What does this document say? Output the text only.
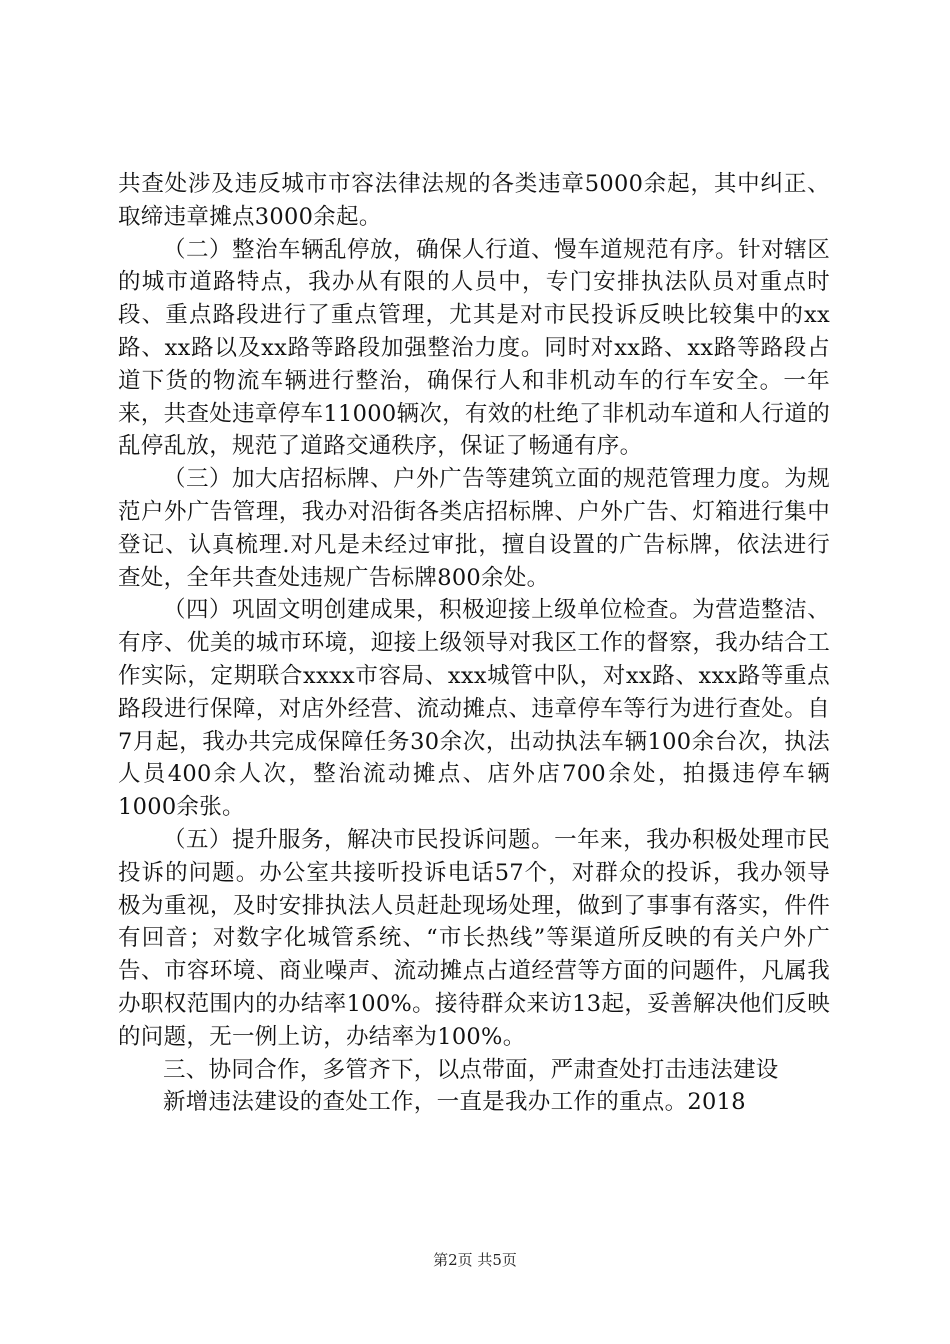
共查处涉及违反城市市容法律法规的各类违章5000余起，其中纠正、取缔违章摊点3000余起。

（二）整治车辆乱停放，确保人行道、慢车道规范有序。针对辖区的城市道路特点，我办从有限的人员中，专门安排执法队员对重点时段、重点路段进行了重点管理，尤其是对市民投诉反映比较集中的xx路、xx路以及xx路等路段加强整治力度。同时对xx路、xx路等路段占道下货的物流车辆进行整治，确保行人和非机动车的行车安全。一年来，共查处违章停车11000辆次，有效的杜绝了非机动车道和人行道的乱停乱放，规范了道路交通秩序，保证了畅通有序。

（三）加大店招标牌、户外广告等建筑立面的规范管理力度。为规范户外广告管理，我办对沿街各类店招标牌、户外广告、灯箱进行集中登记、认真梳理.对凡是未经过审批，擅自设置的广告标牌，依法进行查处，全年共查处违规广告标牌800余处。

（四）巩固文明创建成果，积极迎接上级单位检查。为营造整洁、有序、优美的城市环境，迎接上级领导对我区工作的督察，我办结合工作实际，定期联合xxxx市容局、xxx城管中队，对xx路、xxx路等重点路段进行保障，对店外经营、流动摊点、违章停车等行为进行查处。自7月起，我办共完成保障任务30余次，出动执法车辆100余台次，执法人员400余人次，整治流动摊点、店外店700余处，拍摄违停车辆1000余张。

（五）提升服务，解决市民投诉问题。一年来，我办积极处理市民投诉的问题。办公室共接听投诉电话57个，对群众的投诉，我办领导极为重视，及时安排执法人员赶赴现场处理，做到了事事有落实，件件有回音；对数字化城管系统、“市长热线”等渠道所反映的有关户外广告、市容环境、商业噪声、流动摊点占道经营等方面的问题件，凡属我办职权范围内的办结率100%。接待群众来访13起，妥善解决他们反映的问题，无一例上访，办结率为100%。

三、协同合作，多管齐下，以点带面，严肃查处打击违法建设

新增违法建设的查处工作，一直是我办工作的重点。2018

第2页 共5页
